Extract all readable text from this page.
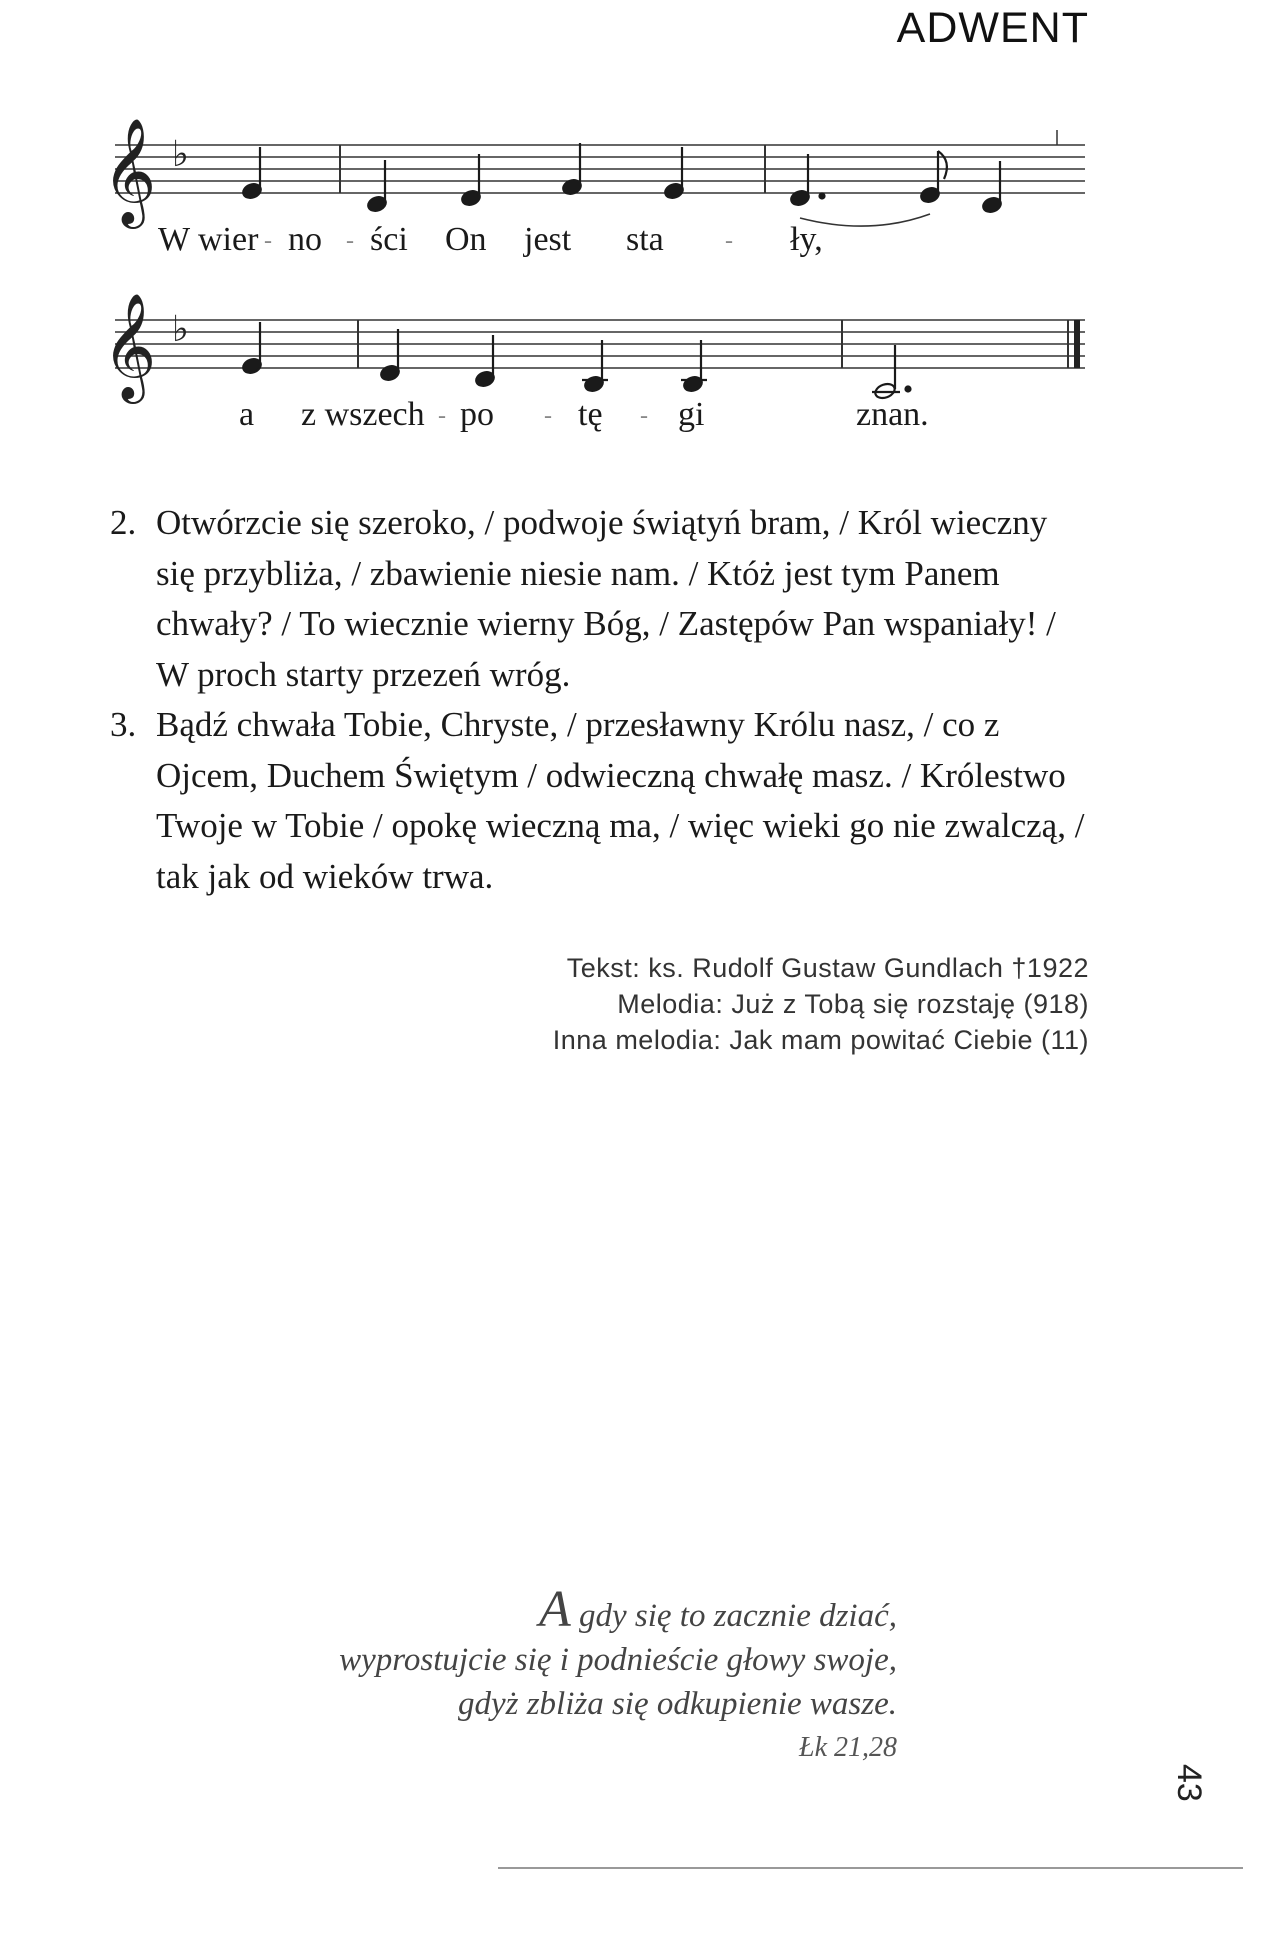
ADWENT
𝄞 ♭
W wier - no - ści On jest sta	- ły,
𝄞 ♭
a z wszech - po - tę - gi	znan.

2. Otwórzcie się szeroko, / podwoje świątyń bram, / Król wieczny się przybliża, / zbawienie niesie nam. / Któż jest tym Panem chwały? / To wiecznie wierny Bóg, / Zastępów Pan wspaniały! / W proch starty przezeń wróg.

3. Bądź chwała Tobie, Chryste, / przesławny Królu nasz, / co z Ojcem, Duchem Świętym / odwieczną chwałę masz. / Królestwo Twoje w Tobie / opokę wieczną ma, / więc wieki go nie zwalczą, / tak jak od wieków trwa.

Tekst: ks. Rudolf Gustaw Gundlach †1922
Melodia: Już z Tobą się rozstaję (918)
Inna melodia: Jak mam powitać Ciebie (11)
A gdy się to zacznie dziać,
wyprostujcie się i podnieście głowy swoje,
gdyż zbliża się odkupienie wasze.
Łk 21,28
43
